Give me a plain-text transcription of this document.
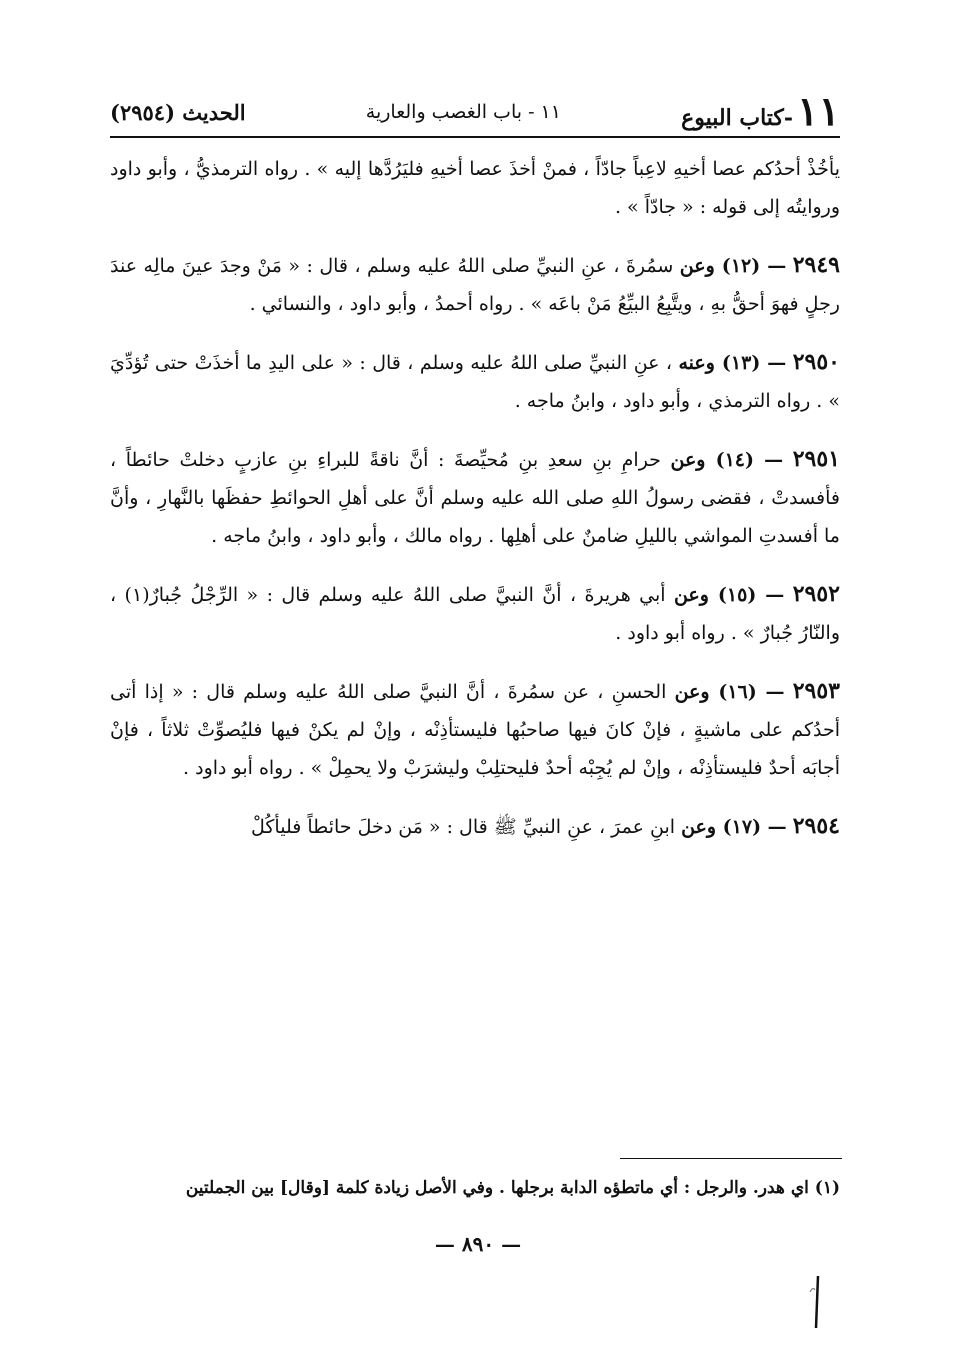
١١
-كتاب البيوع
١١ - باب الغصب والعارية
الحديث (٢٩٥٤)

يأخُذْ أحدُكم عصا أخيهِ لاعِباً جادّاً ، فمنْ أخذَ عصا أخيهِ فليَرُدَّها إليه » . رواه الترمذيُّ ، وأبو داود وروايتُه إلى قوله : « جادّاً » .

٢٩٤٩ — (١٢) وعن سمُرةَ ، عنِ النبيِّ صلى اللهُ عليه وسلم ، قال : « مَنْ وجدَ عينَ مالِه عندَ رجلٍ فهوَ أحقُّ بهِ ، ويتَّبِعُ البيِّعُ مَنْ باعَه » . رواه أحمدُ ، وأبو داود ، والنسائي .

٢٩٥٠ — (١٣) وعنه ، عنِ النبيِّ صلى اللهُ عليه وسلم ، قال : « على اليدِ ما أخذَتْ حتى تُؤدِّيَ » . رواه الترمذي ، وأبو داود ، وابنُ ماجه .

٢٩٥١ — (١٤) وعن حرامِ بنِ سعدِ بنِ مُحيِّصةَ : أنَّ ناقةً للبراءِ بنِ عازبٍ دخلتْ حائطاً ، فأفسدتْ ، فقضى رسولُ اللهِ صلى الله عليه وسلم أنَّ على أهلِ الحوائطِ حفظَها بالنَّهارِ ، وأنَّ ما أفسدتِ المواشي بالليلِ ضامنٌ على أهلِها . رواه مالك ، وأبو داود ، وابنُ ماجه .

٢٩٥٢ — (١٥) وعن أبي هريرةَ ، أنَّ النبيَّ صلى اللهُ عليه وسلم قال : « الرِّجْلُ جُبارٌ(١) ، والنّارُ جُبارٌ » . رواه أبو داود .

٢٩٥٣ — (١٦) وعن الحسنِ ، عن سمُرةَ ، أنَّ النبيَّ صلى اللهُ عليه وسلم قال : « إذا أتى أحدُكم على ماشيةٍ ، فإنْ كانَ فيها صاحبُها فليستأذِنْه ، وإنْ لم يكنْ فيها فليُصوِّتْ ثلاثاً ، فإنْ أجابَه أحدٌ فليستأذِنْه ، وإنْ لم يُجِبْه أحدٌ فليحتلِبْ وليشرَبْ ولا يحمِلْ » . رواه أبو داود .

٢٩٥٤ — (١٧) وعن ابنِ عمرَ ، عنِ النبيِّ ﷺ قال : « مَن دخلَ حائطاً فليأكُلْ

(١) اي هدر. والرجل : أي ماتطؤه الدابة برجلها . وفي الأصل زيادة كلمة [وقال] بين الجملتين
— ٨٩٠ —
